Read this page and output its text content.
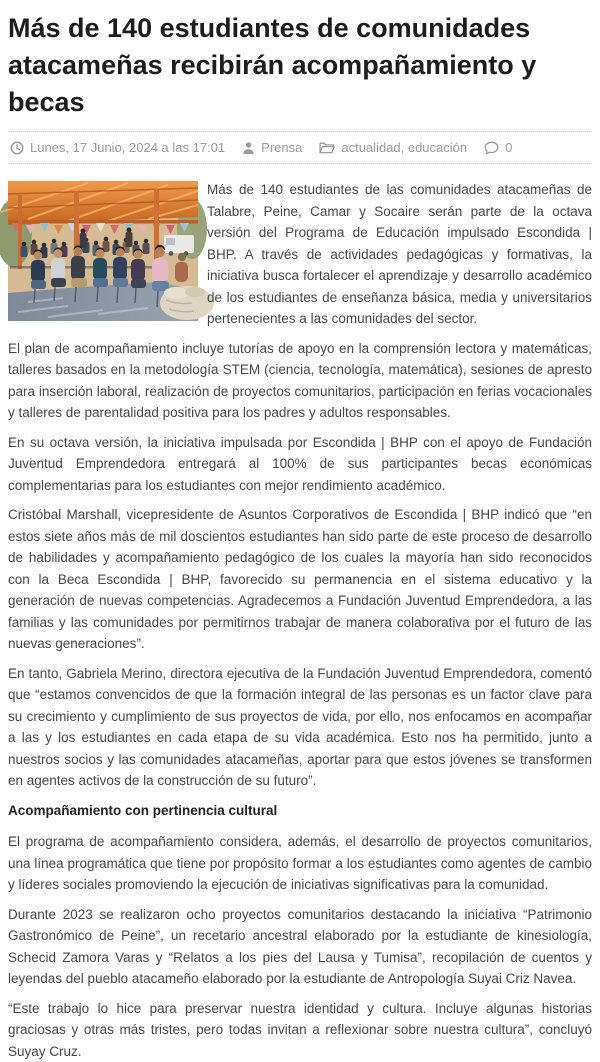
Más de 140 estudiantes de comunidades atacameñas recibirán acompañamiento y becas
Lunes, 17 Junio, 2024 a las 17:01	Prensa	actualidad, educación	0

Más de 140 estudiantes de las comunidades atacameñas de Talabre, Peine, Camar y Socaire serán parte de la octava versión del Programa de Educación impulsado Escondida | BHP. A través de actividades pedagógicas y formativas, la iniciativa busca fortalecer el aprendizaje y desarrollo académico de los estudiantes de enseñanza básica, media y universitarios pertenecientes a las comunidades del sector.

El plan de acompañamiento incluye tutorías de apoyo en la comprensión lectora y matemáticas, talleres basados en la metodología STEM (ciencia, tecnología, matemática), sesiones de apresto para inserción laboral, realización de proyectos comunitarios, participación en ferias vocacionales y talleres de parentalidad positiva para los padres y adultos responsables.

En su octava versión, la iniciativa impulsada por Escondida | BHP con el apoyo de Fundación Juventud Emprendedora entregará al 100% de sus participantes becas económicas complementarias para los estudiantes con mejor rendimiento académico.

Cristóbal Marshall, vicepresidente de Asuntos Corporativos de Escondida | BHP indicó que “en estos siete años más de mil doscientos estudiantes han sido parte de este proceso de desarrollo de habilidades y acompañamiento pedagógico de los cuales la mayoría han sido reconocidos con la Beca Escondida | BHP, favorecido su permanencia en el sistema educativo y la generación de nuevas competencias. Agradecemos a Fundación Juventud Emprendedora, a las familias y las comunidades por permitirnos trabajar de manera colaborativa por el futuro de las nuevas generaciones”.

En tanto, Gabriela Merino, directora ejecutiva de la Fundación Juventud Emprendedora, comentó que “estamos convencidos de que la formación integral de las personas es un factor clave para su crecimiento y cumplimiento de sus proyectos de vida, por ello, nos enfocamos en acompañar a las y los estudiantes en cada etapa de su vida académica. Esto nos ha permitido, junto a nuestros socios y las comunidades atacameñas, aportar para que estos jóvenes se transformen en agentes activos de la construcción de su futuro”.

Acompañamiento con pertinencia cultural

El programa de acompañamiento considera, además, el desarrollo de proyectos comunitarios, una línea programática que tiene por propósito formar a los estudiantes como agentes de cambio y líderes sociales promoviendo la ejecución de iniciativas significativas para la comunidad.

Durante 2023 se realizaron ocho proyectos comunitarios destacando la iniciativa “Patrimonio Gastronómico de Peine”, un recetario ancestral elaborado por la estudiante de kinesiología, Schecid Zamora Varas y “Relatos a los pies del Lausa y Tumisa”, recopilación de cuentos y leyendas del pueblo atacameño elaborado por la estudiante de Antropología Suyai Criz Navea.

“Este trabajo lo hice para preservar nuestra identidad y cultura. Incluye algunas historias graciosas y otras más tristes, pero todas invitan a reflexionar sobre nuestra cultura”, concluyó Suyay Cruz.
